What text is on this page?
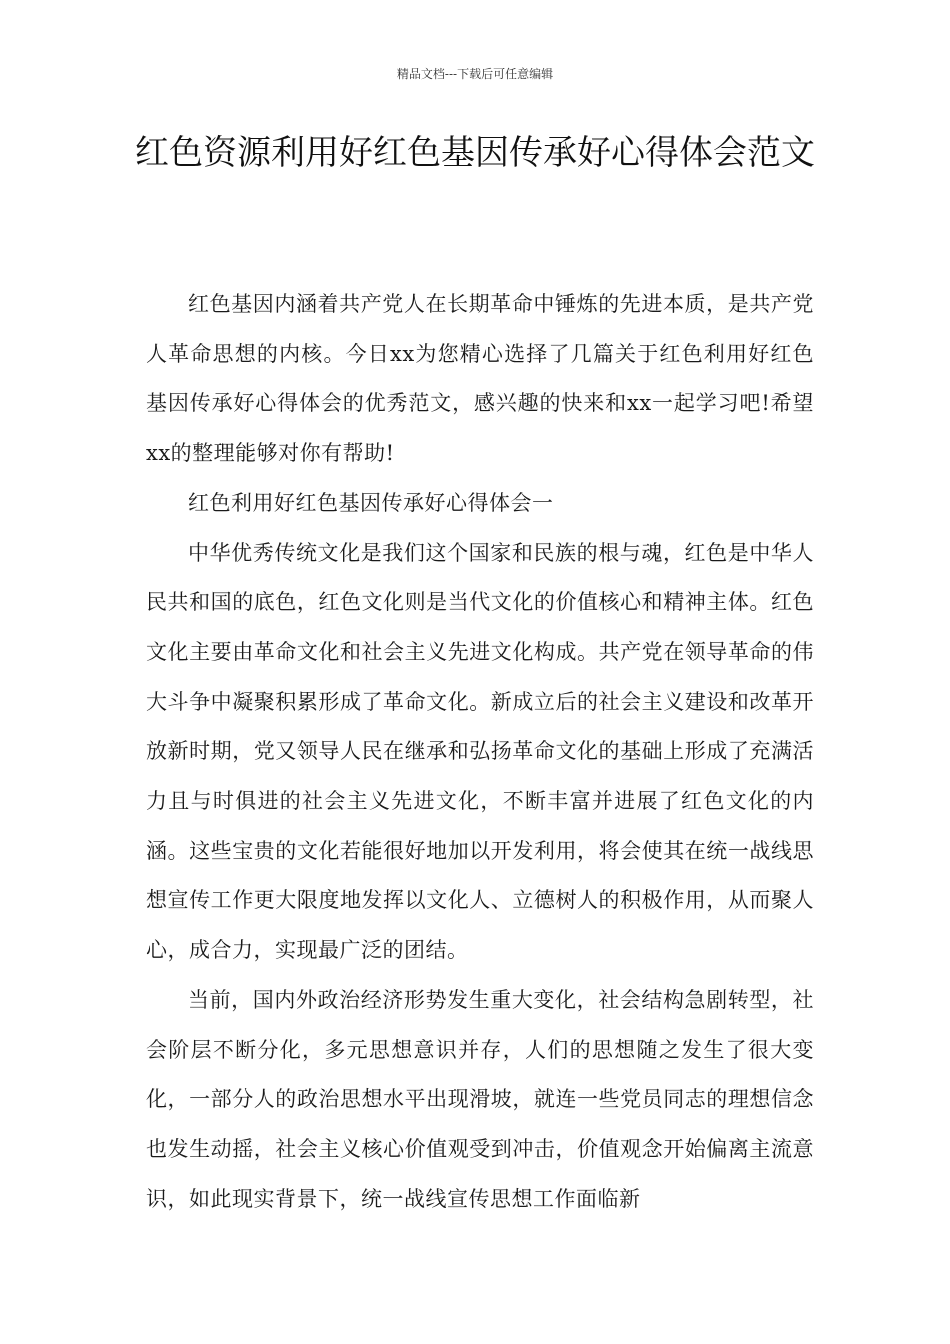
精品文档---下载后可任意编辑
红色资源利用好红色基因传承好心得体会范文

红色基因内涵着共产党人在长期革命中锤炼的先进本质，是共产党人革命思想的内核。今日xx为您精心选择了几篇关于红色利用好红色基因传承好心得体会的优秀范文，感兴趣的快来和xx一起学习吧!希望xx的整理能够对你有帮助!

红色利用好红色基因传承好心得体会一

中华优秀传统文化是我们这个国家和民族的根与魂，红色是中华人民共和国的底色，红色文化则是当代文化的价值核心和精神主体。红色文化主要由革命文化和社会主义先进文化构成。共产党在领导革命的伟大斗争中凝聚积累形成了革命文化。新成立后的社会主义建设和改革开放新时期，党又领导人民在继承和弘扬革命文化的基础上形成了充满活力且与时俱进的社会主义先进文化，不断丰富并进展了红色文化的内涵。这些宝贵的文化若能很好地加以开发利用，将会使其在统一战线思想宣传工作更大限度地发挥以文化人、立德树人的积极作用，从而聚人心，成合力，实现最广泛的团结。

当前，国内外政治经济形势发生重大变化，社会结构急剧转型，社会阶层不断分化，多元思想意识并存，人们的思想随之发生了很大变化，一部分人的政治思想水平出现滑坡，就连一些党员同志的理想信念也发生动摇，社会主义核心价值观受到冲击，价值观念开始偏离主流意识，如此现实背景下，统一战线宣传思想工作面临新
